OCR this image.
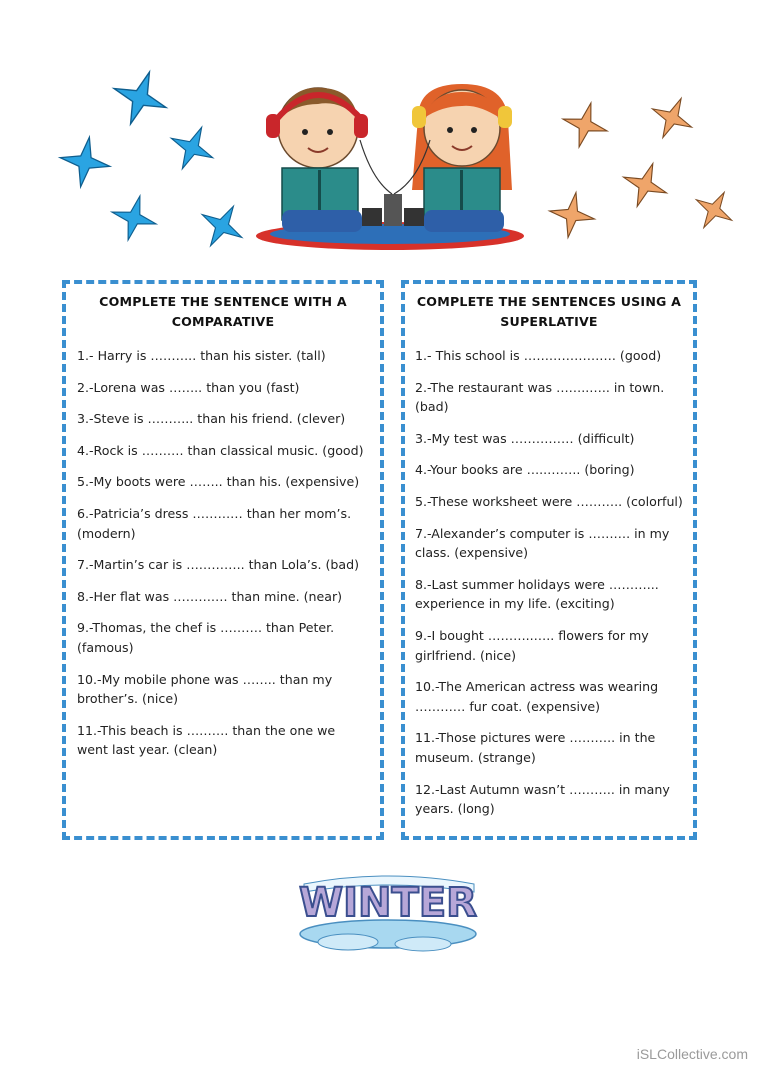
COMPLETE THE SENTENCE WITH A COMPARATIVE
1.- Harry is ……….. than his sister. (tall)
2.-Lorena was …….. than you (fast)
3.-Steve is ……….. than his friend. (clever)
4.-Rock is ………. than classical music. (good)
5.-My boots were …….. than his. (expensive)
6.-Patricia’s dress ………… than her mom’s. (modern)
7.-Martin’s car is ………….. than Lola’s. (bad)
8.-Her flat was …………. than mine. (near)
9.-Thomas, the chef is ………. than Peter. (famous)
10.-My mobile phone was …….. than my brother’s. (nice)
11.-This beach is ………. than the one we went last year. (clean)
COMPLETE THE SENTENCES USING A SUPERLATIVE
1.- This school is …………………. (good)
2.-The restaurant was ……..….. in town. (bad)
3.-My test was …………… (difficult)
4.-Your books are …..…….. (boring)
5.-These worksheet were ……….. (colorful)
7.-Alexander’s computer is ………. in my class. (expensive)
8.-Last summer holidays were ………... experience in my life. (exciting)
9.-I bought ………..….. flowers for my girlfriend. (nice)
10.-The American actress was wearing ………… fur coat. (expensive)
11.-Those pictures were ……….. in the museum. (strange)
12.-Last Autumn wasn’t ……….. in many years. (long)
WINTER
iSLCollective.com
